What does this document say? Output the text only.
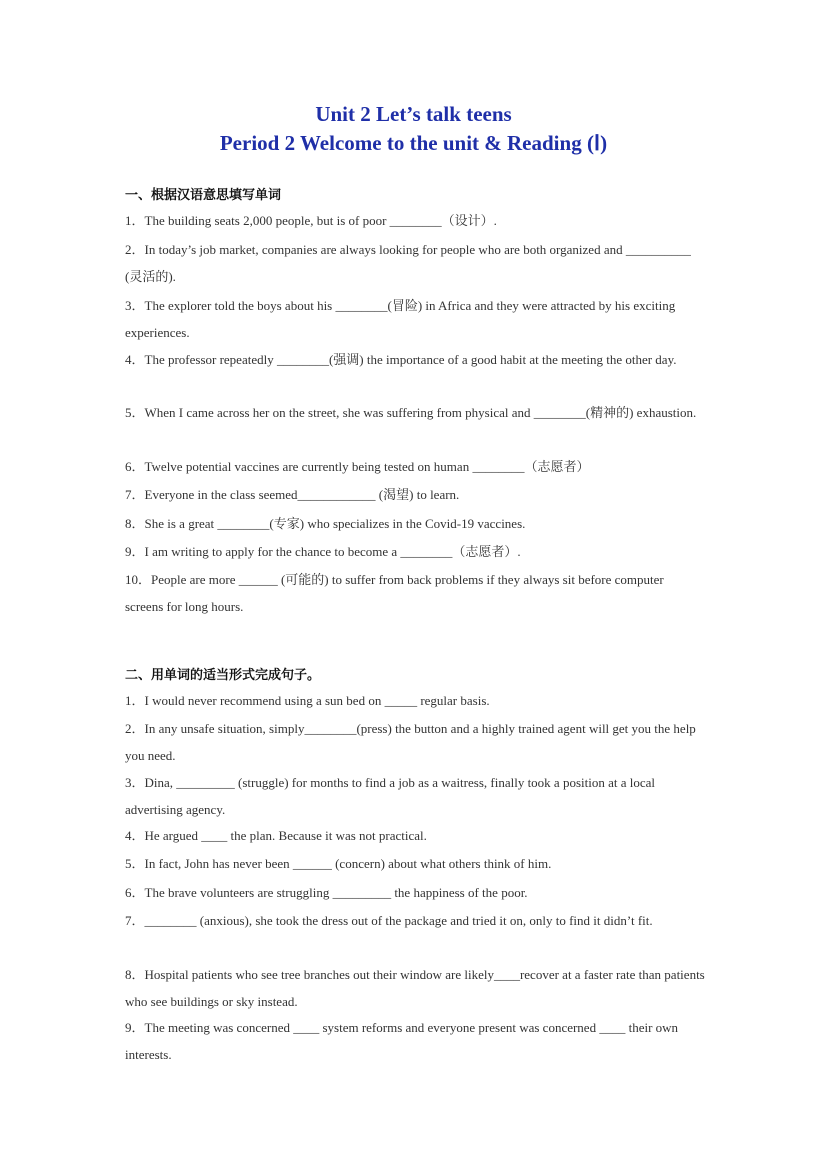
Unit 2 Let’s talk teens
Period 2 Welcome to the unit & Reading (Ⅰ)
一、根据汉语意思填写单词
1．The building seats 2,000 people, but is of poor ________（设计）.
2．In today’s job market, companies are always looking for people who are both organized and __________ (灵活的).
3．The explorer told the boys about his ________(冒险) in Africa and they were attracted by his exciting experiences.
4．The professor repeatedly ________(强调) the importance of a good habit at the meeting the other day.
5．When I came across her on the street, she was suffering from physical and ________(精神的) exhaustion.
6．Twelve potential vaccines are currently being tested on human ________（志愿者）
7．Everyone in the class seemed____________ (渴望) to learn.
8．She is a great ________(专家) who specializes in the Covid-19 vaccines.
9．I am writing to apply for the chance to become a ________（志愿者）.
10．People are more ______ (可能的) to suffer from back problems if they always sit before computer screens for long hours.
二、用单词的适当形式完成句子。
1．I would never recommend using a sun bed on _____ regular basis.
2．In any unsafe situation, simply________(press) the button and a highly trained agent will get you the help you need.
3．Dina, _________ (struggle) for months to find a job as a waitress, finally took a position at a local advertising agency.
4．He argued ____ the plan. Because it was not practical.
5．In fact, John has never been ______ (concern) about what others think of him.
6．The brave volunteers are struggling _________ the happiness of the poor.
7．________ (anxious), she took the dress out of the package and tried it on, only to find it didn’t fit.
8．Hospital patients who see tree branches out their window are likely____recover at a faster rate than patients who see buildings or sky instead.
9．The meeting was concerned ____ system reforms and everyone present was concerned ____ their own interests.
